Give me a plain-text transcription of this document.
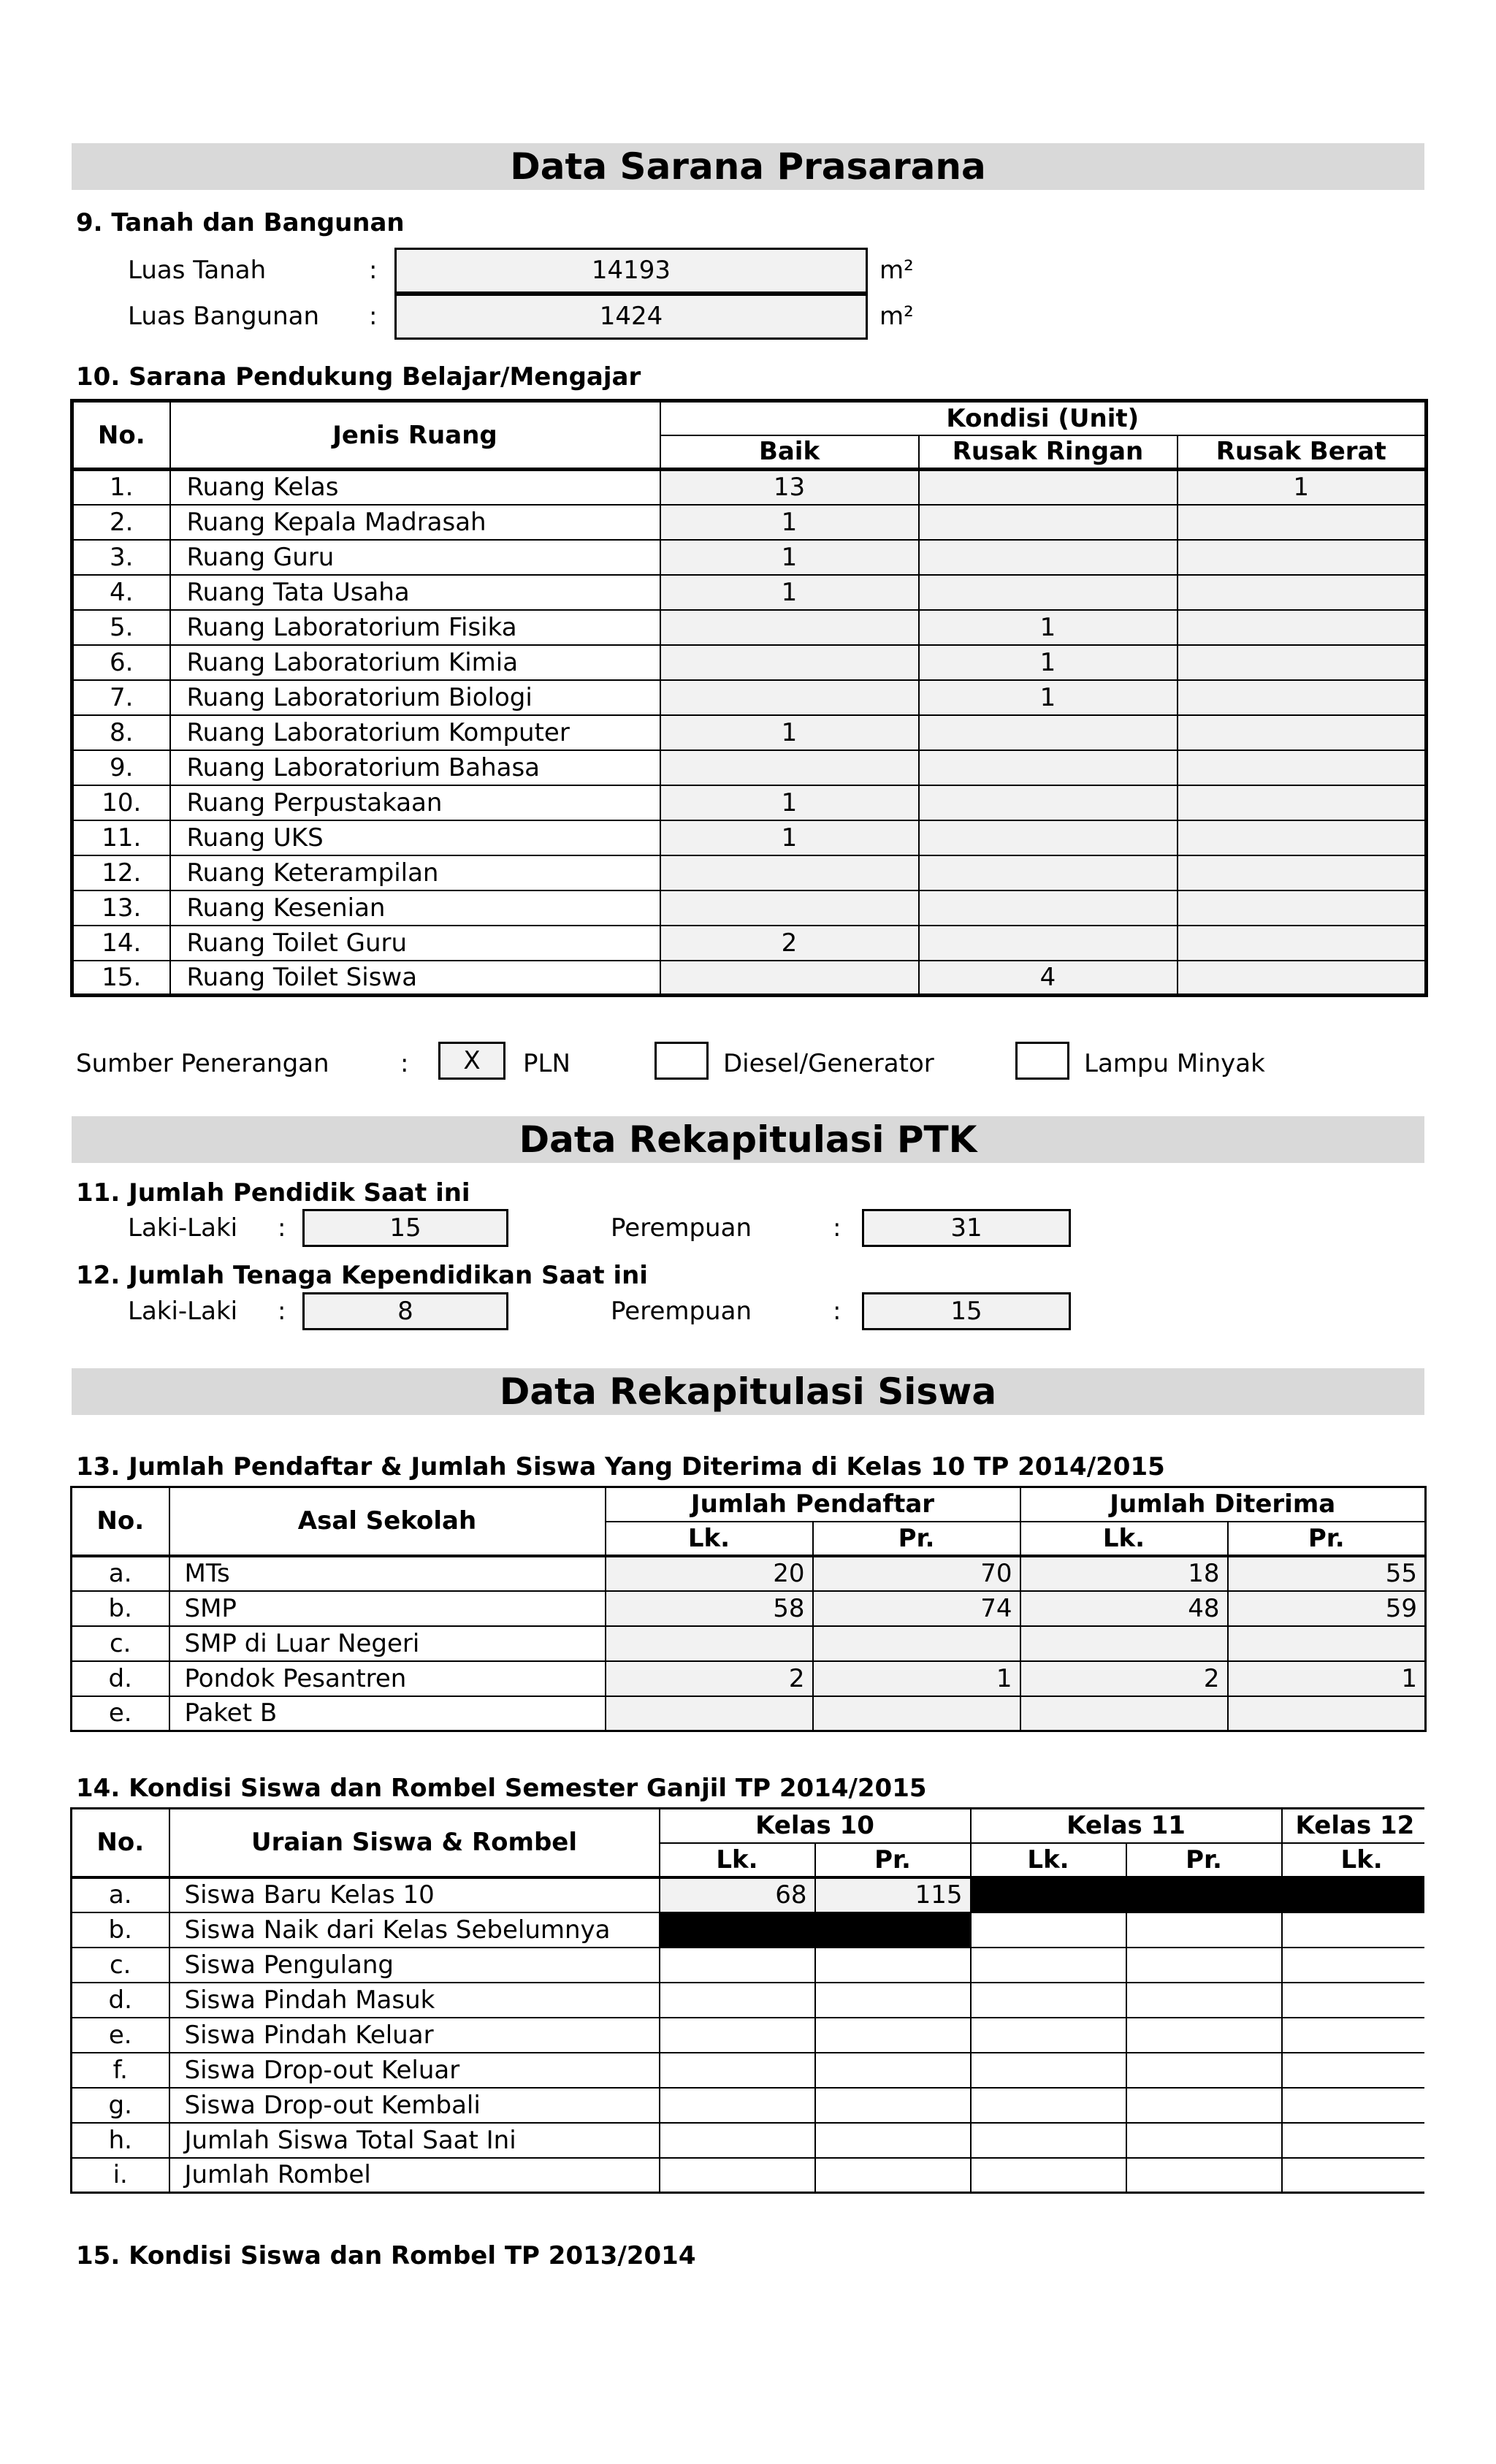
Data Sarana Prasarana
9. Tanah dan Bangunan
Luas Tanah	:	14193	m²
Luas Bangunan :	1424	m²
10. Sarana Pendukung Belajar/Mengajar
No.	Jenis Ruang	Kondisi (Unit)		
		Baik	Rusak Ringan	Rusak Berat
1.	Ruang Kelas	13		1
2.	Ruang Kepala Madrasah	1		
3.	Ruang Guru	1		
4.	Ruang Tata Usaha	1		
5.	Ruang Laboratorium Fisika		1	
6.	Ruang Laboratorium Kimia		1	
7.	Ruang Laboratorium Biologi		1	
8.	Ruang Laboratorium Komputer	1		
9.	Ruang Laboratorium Bahasa			
10.	Ruang Perpustakaan	1		
11.	Ruang UKS	1		
12.	Ruang Keterampilan			
13.	Ruang Kesenian			
14.	Ruang Toilet Guru	2		
15.	Ruang Toilet Siswa		4	
Sumber Penerangan	:	X	PLN	Diesel/Generator	Lampu Minyak
Data Rekapitulasi PTK
11. Jumlah Pendidik Saat ini
Laki-Laki :	15	Perempuan	:	31
12. Jumlah Tenaga Kependidikan Saat ini
Laki-Laki :	8	Perempuan	:	15
Data Rekapitulasi Siswa
13. Jumlah Pendaftar & Jumlah Siswa Yang Diterima di Kelas 10 TP 2014/2015
No.	Asal Sekolah	Jumlah Pendaftar		Jumlah Diterima	
		Lk.	Pr.	Lk.	Pr.
a.	MTs	20	70	18	55
b.	SMP	58	74	48	59
c.	SMP di Luar Negeri				
d.	Pondok Pesantren	2	1	2	1
e.	Paket B				
14. Kondisi Siswa dan Rombel Semester Ganjil TP 2014/2015
No.	Uraian Siswa & Rombel	Kelas 10		Kelas 11		Kelas 12
		Lk.	Pr.	Lk.	Pr.	Lk.
a.	Siswa Baru Kelas 10	68	115			
b.	Siswa Naik dari Kelas Sebelumnya					
c.	Siswa Pengulang					
d.	Siswa Pindah Masuk					
e.	Siswa Pindah Keluar					
f.	Siswa Drop-out Keluar					
g.	Siswa Drop-out Kembali					
h.	Jumlah Siswa Total Saat Ini					
i.	Jumlah Rombel					
15. Kondisi Siswa dan Rombel TP 2013/2014
